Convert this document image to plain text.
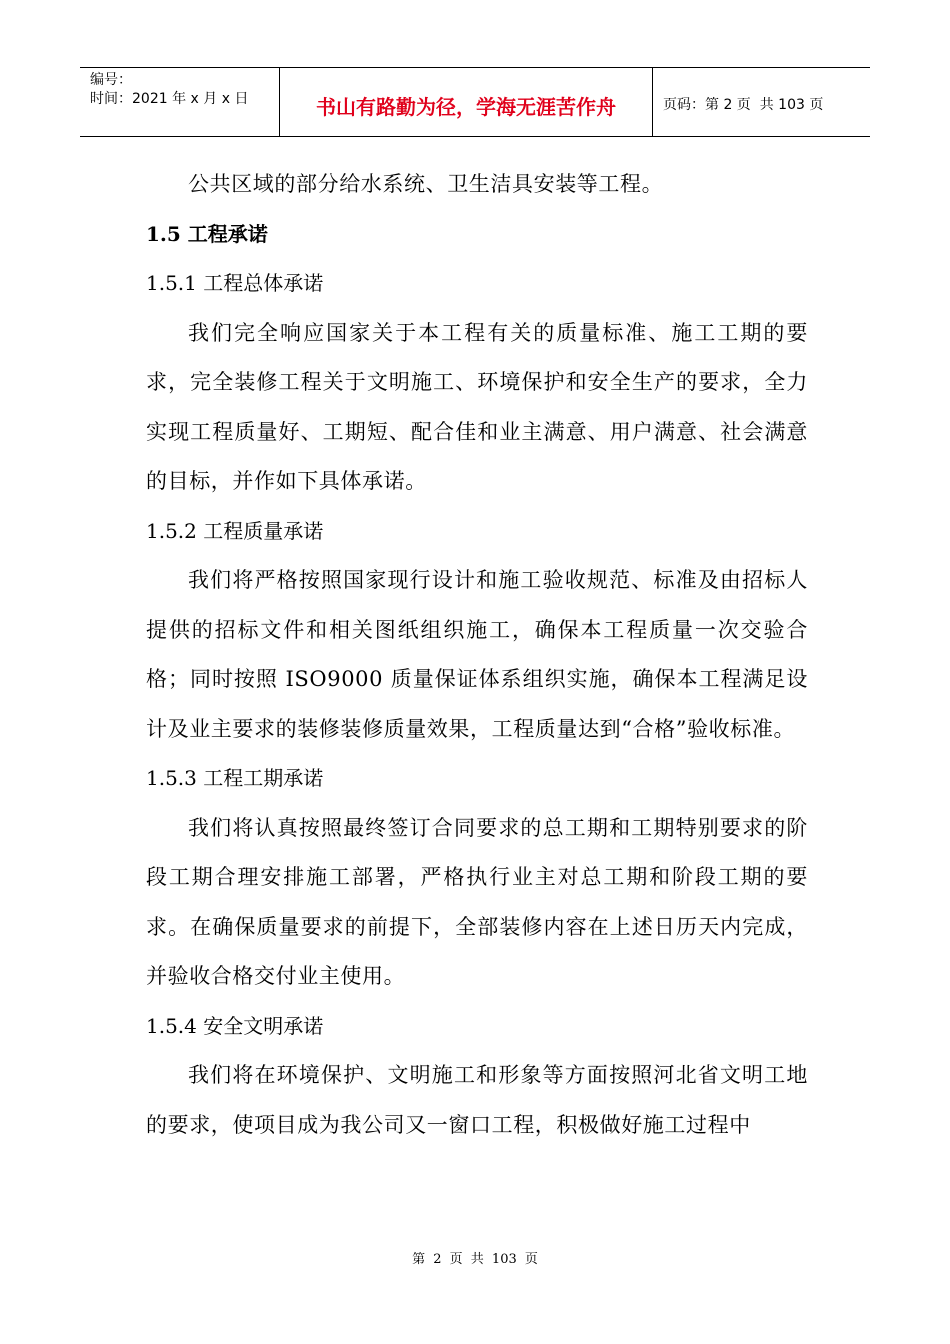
编号：
时间：2021 年 x 月 x 日	书山有路勤为径，学海无涯苦作舟	页码：第 2 页  共 103 页

公共区域的部分给水系统、卫生洁具安装等工程。

1.5 工程承诺

1.5.1 工程总体承诺

我们完全响应国家关于本工程有关的质量标准、施工工期的要求，完全装修工程关于文明施工、环境保护和安全生产的要求，全力实现工程质量好、工期短、配合佳和业主满意、用户满意、社会满意的目标，并作如下具体承诺。

1.5.2 工程质量承诺

我们将严格按照国家现行设计和施工验收规范、标准及由招标人提供的招标文件和相关图纸组织施工，确保本工程质量一次交验合格；同时按照 ISO9000 质量保证体系组织实施，确保本工程满足设计及业主要求的装修装修质量效果，工程质量达到“合格”验收标准。

1.5.3 工程工期承诺

我们将认真按照最终签订合同要求的总工期和工期特别要求的阶段工期合理安排施工部署，严格执行业主对总工期和阶段工期的要求。在确保质量要求的前提下，全部装修内容在上述日历天内完成，并验收合格交付业主使用。

1.5.4 安全文明承诺

我们将在环境保护、文明施工和形象等方面按照河北省文明工地的要求，使项目成为我公司又一窗口工程，积极做好施工过程中

第 2 页 共 103 页
